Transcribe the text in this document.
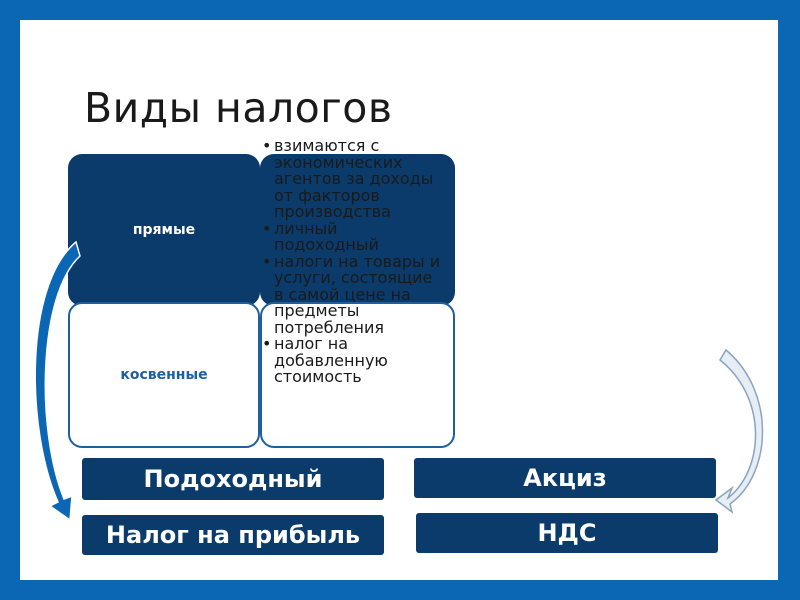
Виды налогов
прямые
косвенные
• взимаются с экономических агентов за доходы от факторов производства
• личный подоходный
• налоги на товары и услуги, состоящие в самой цене на предметы потребления
• налог на добавленную стоимость
Подоходный	Акциз
Налог на прибыль	НДС
